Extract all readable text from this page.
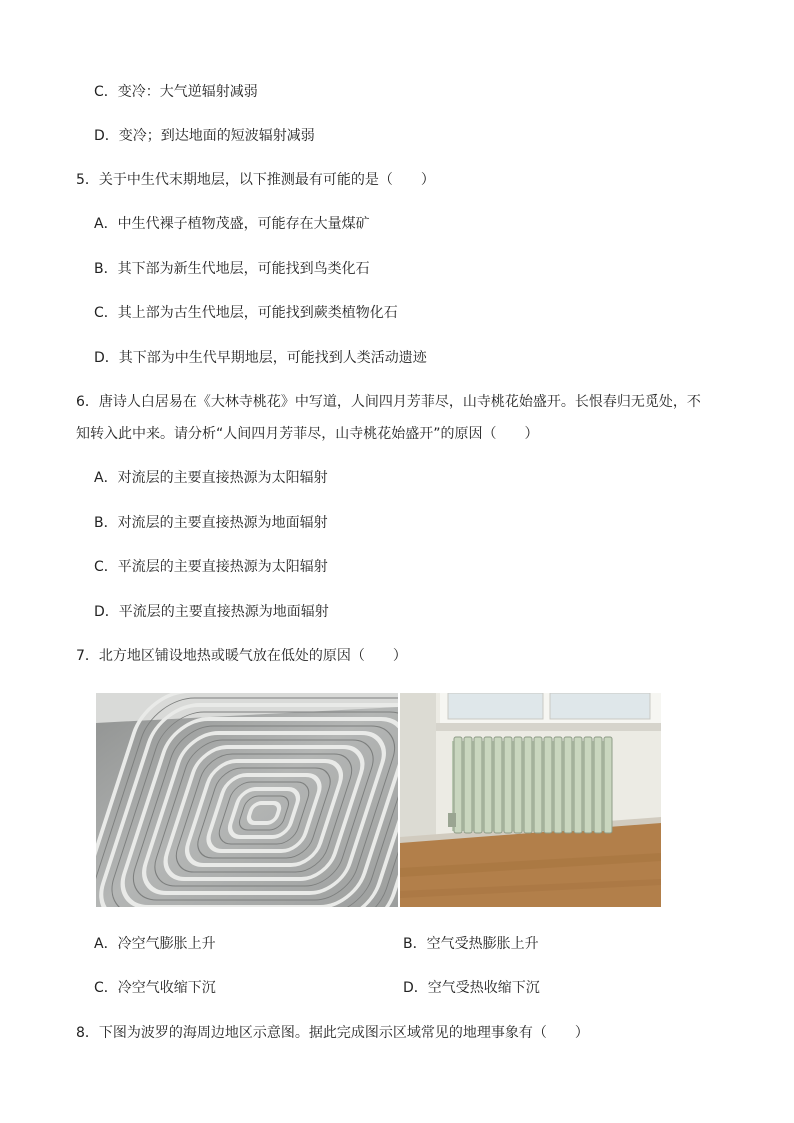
C．变冷：大气逆辐射减弱
D．变冷；到达地面的短波辐射减弱
5．关于中生代末期地层，以下推测最有可能的是（　　）
A．中生代裸子植物茂盛，可能存在大量煤矿
B．其下部为新生代地层，可能找到鸟类化石
C．其上部为古生代地层，可能找到蕨类植物化石
D．其下部为中生代早期地层，可能找到人类活动遗迹
6．唐诗人白居易在《大林寺桃花》中写道，人间四月芳菲尽，山寺桃花始盛开。长恨春归无觅处，不
知转入此中来。请分析“人间四月芳菲尽，山寺桃花始盛开”的原因（　　）
A．对流层的主要直接热源为太阳辐射
B．对流层的主要直接热源为地面辐射
C．平流层的主要直接热源为太阳辐射
D．平流层的主要直接热源为地面辐射
7．北方地区铺设地热或暖气放在低处的原因（　　）
A．冷空气膨胀上升	B．空气受热膨胀上升
C．冷空气收缩下沉	D．空气受热收缩下沉
8．下图为波罗的海周边地区示意图。据此完成图示区域常见的地理事象有（　　）
